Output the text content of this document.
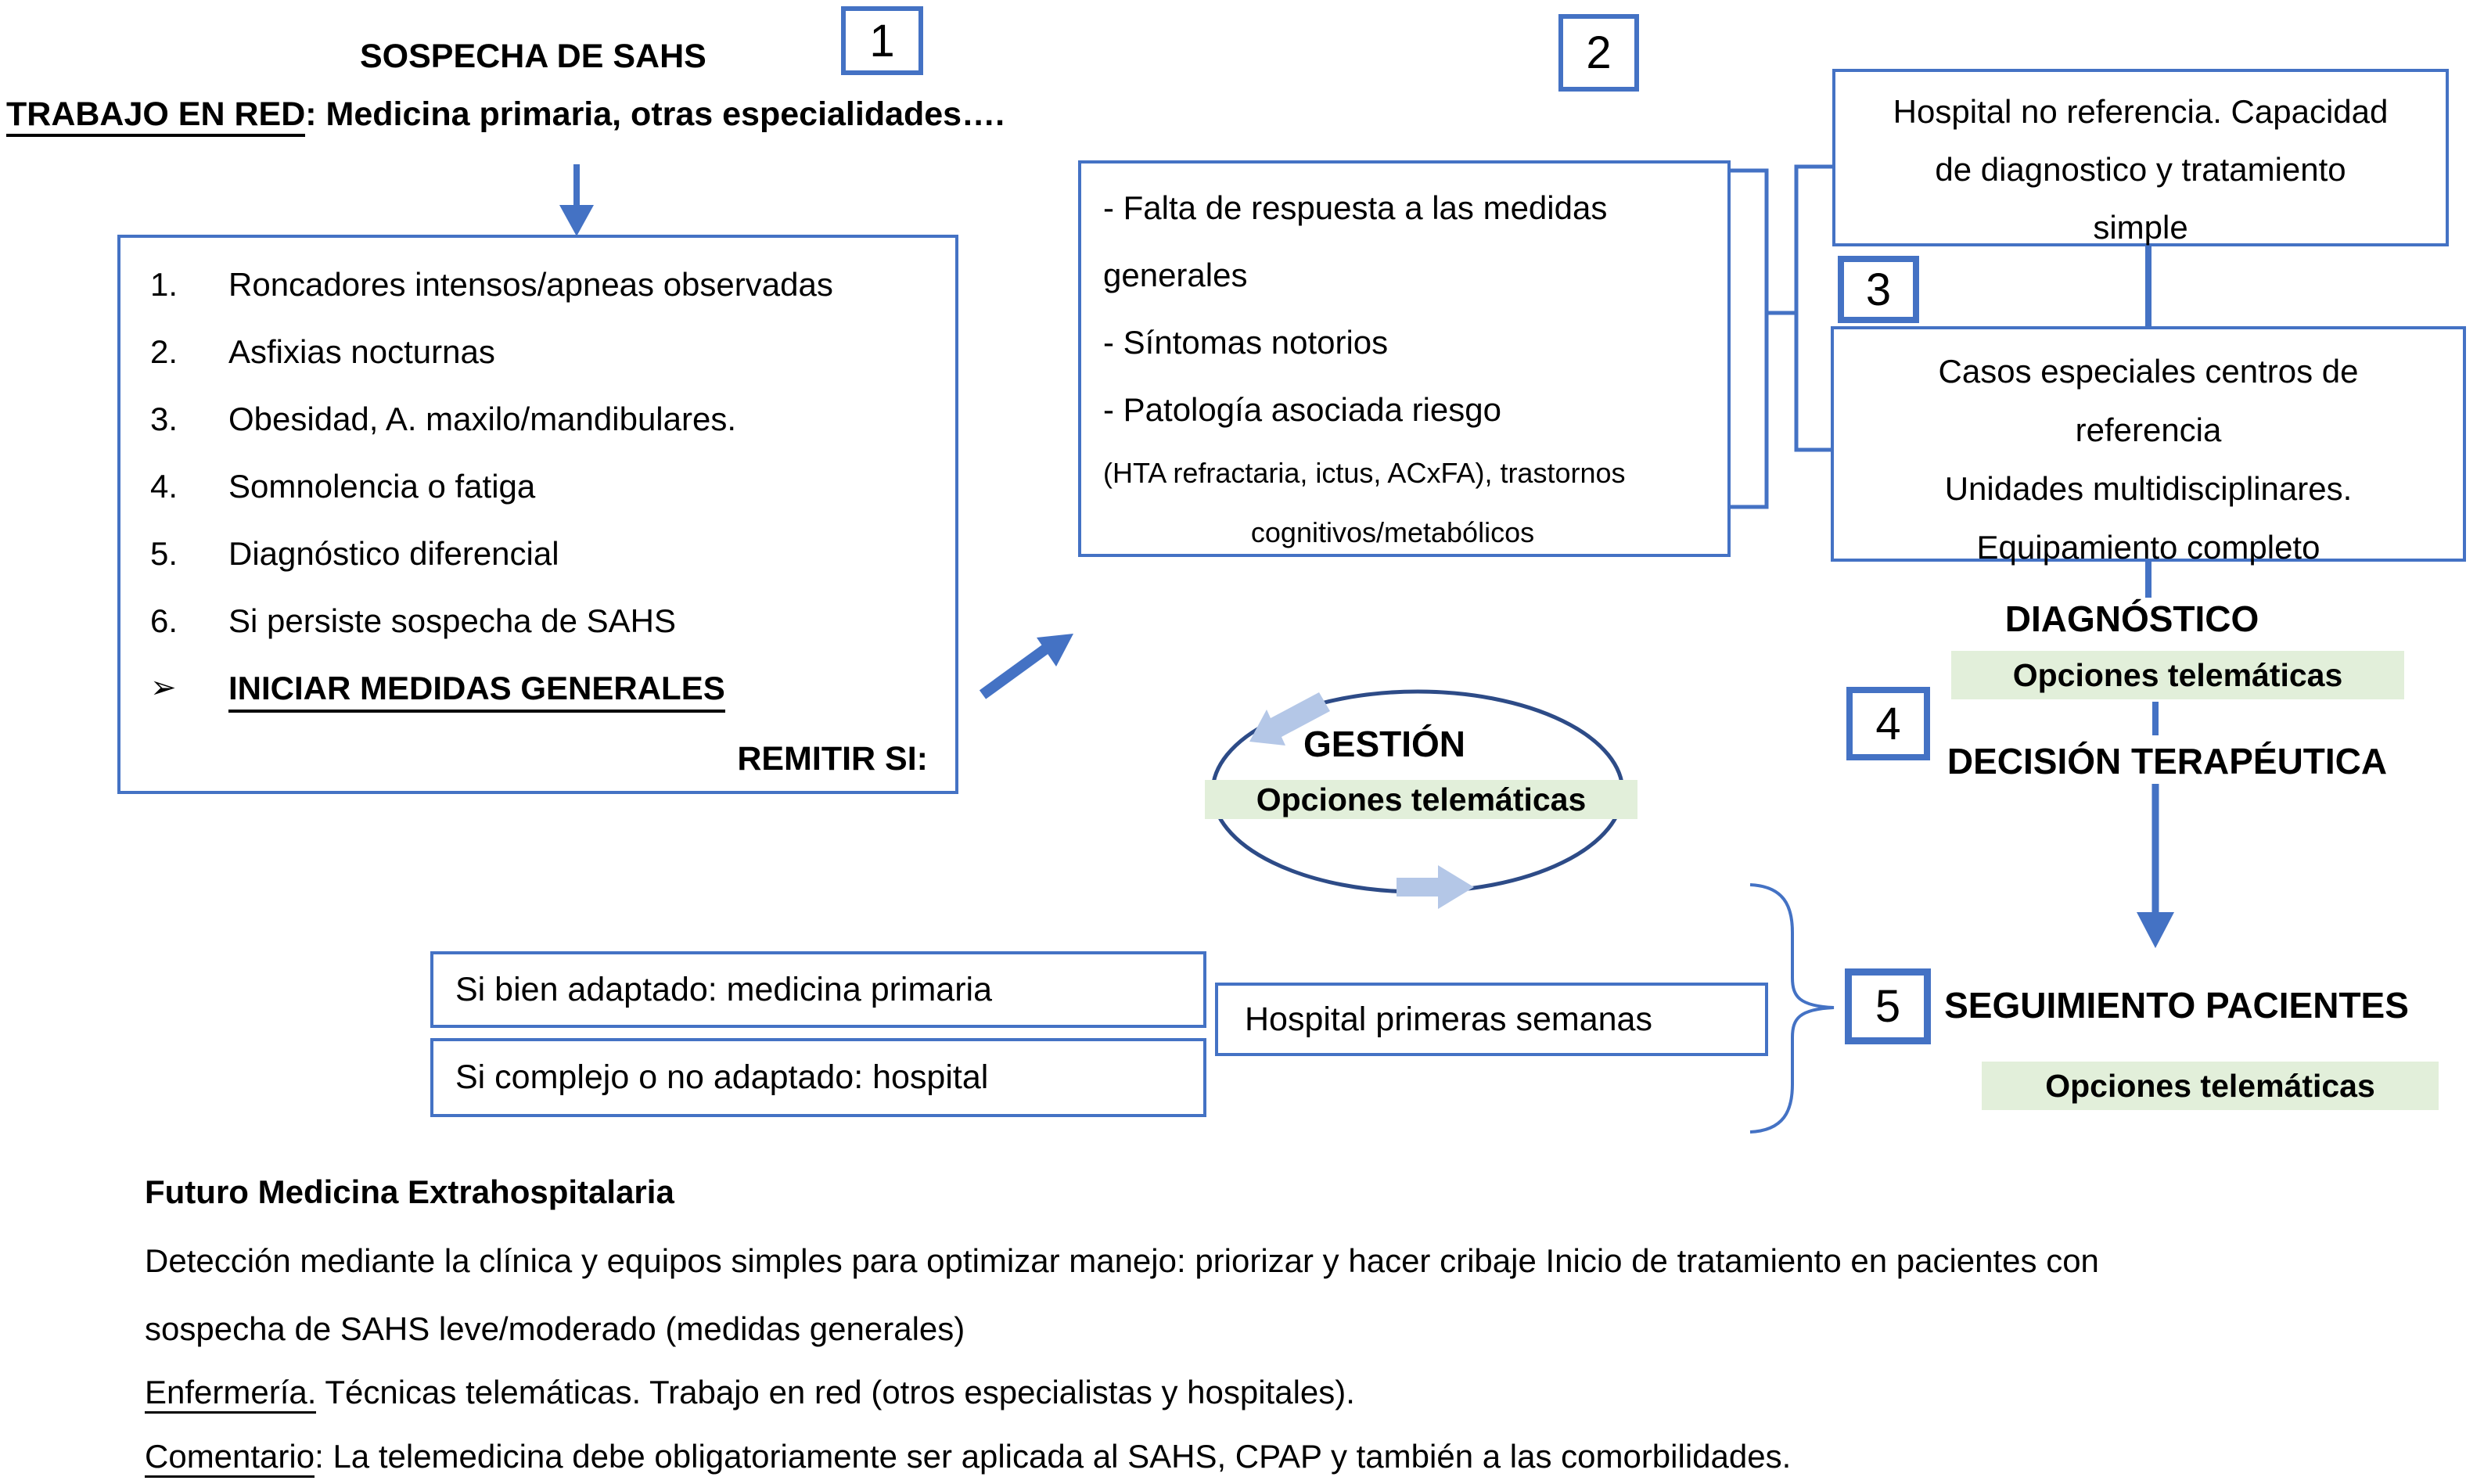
SOSPECHA DE SAHS
TRABAJO EN RED: Medicina primaria, otras especialidades….
1	2
1.	Roncadores intensos/apneas observadas
2.	Asfixias nocturnas
3.	Obesidad, A. maxilo/mandibulares.
4.	Somnolencia o fatiga
5.	Diagnóstico diferencial
6.	Si persiste sospecha de SAHS
➢	INICIAR MEDIDAS GENERALES
REMITIR SI:
- Falta de respuesta a las medidas
generales
- Síntomas notorios
- Patología asociada riesgo
(HTA refractaria, ictus, ACxFA), trastornos
cognitivos/metabólicos
Hospital no referencia. Capacidad
de diagnostico y tratamiento
simple
3
Casos especiales centros de referencia
Unidades multidisciplinares.
Equipamiento completo
DIAGNÓSTICO
Opciones telemáticas
4
DECISIÓN TERAPÉUTICA
GESTIÓN
Opciones telemáticas
Si bien adaptado: medicina primaria
Si complejo o no adaptado: hospital
Hospital primeras semanas	5 SEGUIMIENTO PACIENTES
Opciones telemáticas
Futuro Medicina Extrahospitalaria
Detección mediante la clínica y equipos simples para optimizar manejo: priorizar y hacer cribaje Inicio de tratamiento en pacientes con
sospecha de SAHS leve/moderado (medidas generales)
Enfermería. Técnicas telemáticas. Trabajo en red (otros especialistas y hospitales).
Comentario: La telemedicina debe obligatoriamente ser aplicada al SAHS, CPAP y también a las comorbilidades.
